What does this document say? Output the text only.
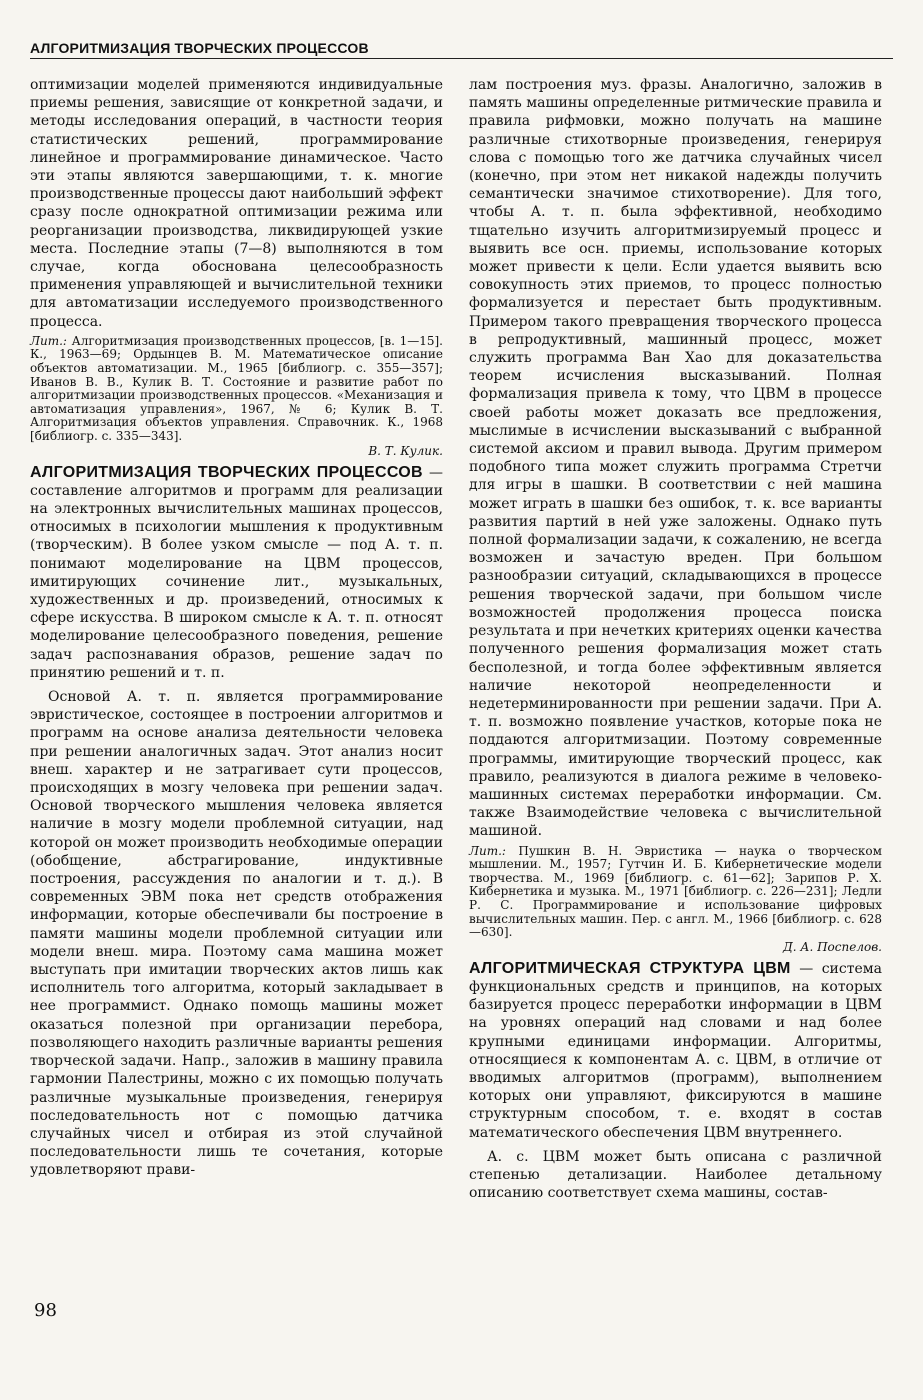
АЛГОРИТМИЗАЦИЯ ТВОРЧЕСКИХ ПРОЦЕССОВ

оптимизации моделей применяются индивидуальные приемы решения, зависящие от конкретной задачи, и методы исследования операций, в частности теория статистических решений, программирование линейное и программирование динамическое. Часто эти этапы являются завершающими, т. к. многие производственные процессы дают наибольший эффект сразу после однократной оптимизации режима или реорганизации производства, ликвидирующей узкие места. Последние этапы (7—8) выполняются в том случае, когда обоснована целесообразность применения управляющей и вычислительной техники для автоматизации исследуемого производственного процесса.

Лит.: Алгоритмизация производственных процессов, [в. 1—15]. К., 1963—69; Ордынцев В. М. Математическое описание объектов автоматизации. М., 1965 [библиогр. с. 355—357]; Иванов В. В., Кулик В. Т. Состояние и развитие работ по алгоритмизации производственных процессов. «Механизация и автоматизация управления», 1967, № 6; Кулик В. Т. Алгоритмизация объектов управления. Справочник. К., 1968 [библиогр. с. 335—343].

В. Т. Кулик.

АЛГОРИТМИЗАЦИЯ ТВОРЧЕСКИХ ПРОЦЕССОВ — составление алгоритмов и программ для реализации на электронных вычислительных машинах процессов, относимых в психологии мышления к продуктивным (творческим). В более узком смысле — под А. т. п. понимают моделирование на ЦВМ процессов, имитирующих сочинение лит., музыкальных, художественных и др. произведений, относимых к сфере искусства. В широком смысле к А. т. п. относят моделирование целесообразного поведения, решение задач распознавания образов, решение задач по принятию решений и т. п.

Основой А. т. п. является программирование эвристическое, состоящее в построении алгоритмов и программ на основе анализа деятельности человека при решении аналогичных задач. Этот анализ носит внеш. характер и не затрагивает сути процессов, происходящих в мозгу человека при решении задач. Основой творческого мышления человека является наличие в мозгу модели проблемной ситуации, над которой он может производить необходимые операции (обобщение, абстрагирование, индуктивные построения, рассуждения по аналогии и т. д.). В современных ЭВМ пока нет средств отображения информации, которые обеспечивали бы построение в памяти машины модели проблемной ситуации или модели внеш. мира. Поэтому сама машина может выступать при имитации творческих актов лишь как исполнитель того алгоритма, который закладывает в нее программист. Однако помощь машины может оказаться полезной при организации перебора, позволяющего находить различные варианты решения творческой задачи. Напр., заложив в машину правила гармонии Палестрины, можно с их помощью получать различные музыкальные произведения, генерируя последовательность нот с помощью датчика случайных чисел и отбирая из этой случайной последовательности лишь те сочетания, которые удовлетворяют прави-

лам построения муз. фразы. Аналогично, заложив в память машины определенные ритмические правила и правила рифмовки, можно получать на машине различные стихотворные произведения, генерируя слова с помощью того же датчика случайных чисел (конечно, при этом нет никакой надежды получить семантически значимое стихотворение). Для того, чтобы А. т. п. была эффективной, необходимо тщательно изучить алгоритмизируемый процесс и выявить все осн. приемы, использование которых может привести к цели. Если удается выявить всю совокупность этих приемов, то процесс полностью формализуется и перестает быть продуктивным. Примером такого превращения творческого процесса в репродуктивный, машинный процесс, может служить программа Ван Хао для доказательства теорем исчисления высказываний. Полная формализация привела к тому, что ЦВМ в процессе своей работы может доказать все предложения, мыслимые в исчислении высказываний с выбранной системой аксиом и правил вывода. Другим примером подобного типа может служить программа Стретчи для игры в шашки. В соответствии с ней машина может играть в шашки без ошибок, т. к. все варианты развития партий в ней уже заложены. Однако путь полной формализации задачи, к сожалению, не всегда возможен и зачастую вреден. При большом разнообразии ситуаций, складывающихся в процессе решения творческой задачи, при большом числе возможностей продолжения процесса поиска результата и при нечетких критериях оценки качества полученного решения формализация может стать бесполезной, и тогда более эффективным является наличие некоторой неопределенности и недетерминированности при решении задачи. При А. т. п. возможно появление участков, которые пока не поддаются алгоритмизации. Поэтому современные программы, имитирующие творческий процесс, как правило, реализуются в диалога режиме в человеко-машинных системах переработки информации. См. также Взаимодействие человека с вычислительной машиной.

Лит.: Пушкин В. Н. Эвристика — наука о творческом мышлении. М., 1957; Гутчин И. Б. Кибернетические модели творчества. М., 1969 [библиогр. с. 61—62]; Зарипов Р. Х. Кибернетика и музыка. М., 1971 [библиогр. с. 226—231]; Ледли Р. С. Программирование и использование цифровых вычислительных машин. Пер. с англ. М., 1966 [библиогр. с. 628—630].

Д. А. Поспелов.

АЛГОРИТМИЧЕСКАЯ СТРУКТУРА ЦВМ — система функциональных средств и принципов, на которых базируется процесс переработки информации в ЦВМ на уровнях операций над словами и над более крупными единицами информации. Алгоритмы, относящиеся к компонентам А. с. ЦВМ, в отличие от вводимых алгоритмов (программ), выполнением которых они управляют, фиксируются в машине структурным способом, т. е. входят в состав математического обеспечения ЦВМ внутреннего.

А. с. ЦВМ может быть описана с различной степенью детализации. Наиболее детальному описанию соответствует схема машины, состав-

98
